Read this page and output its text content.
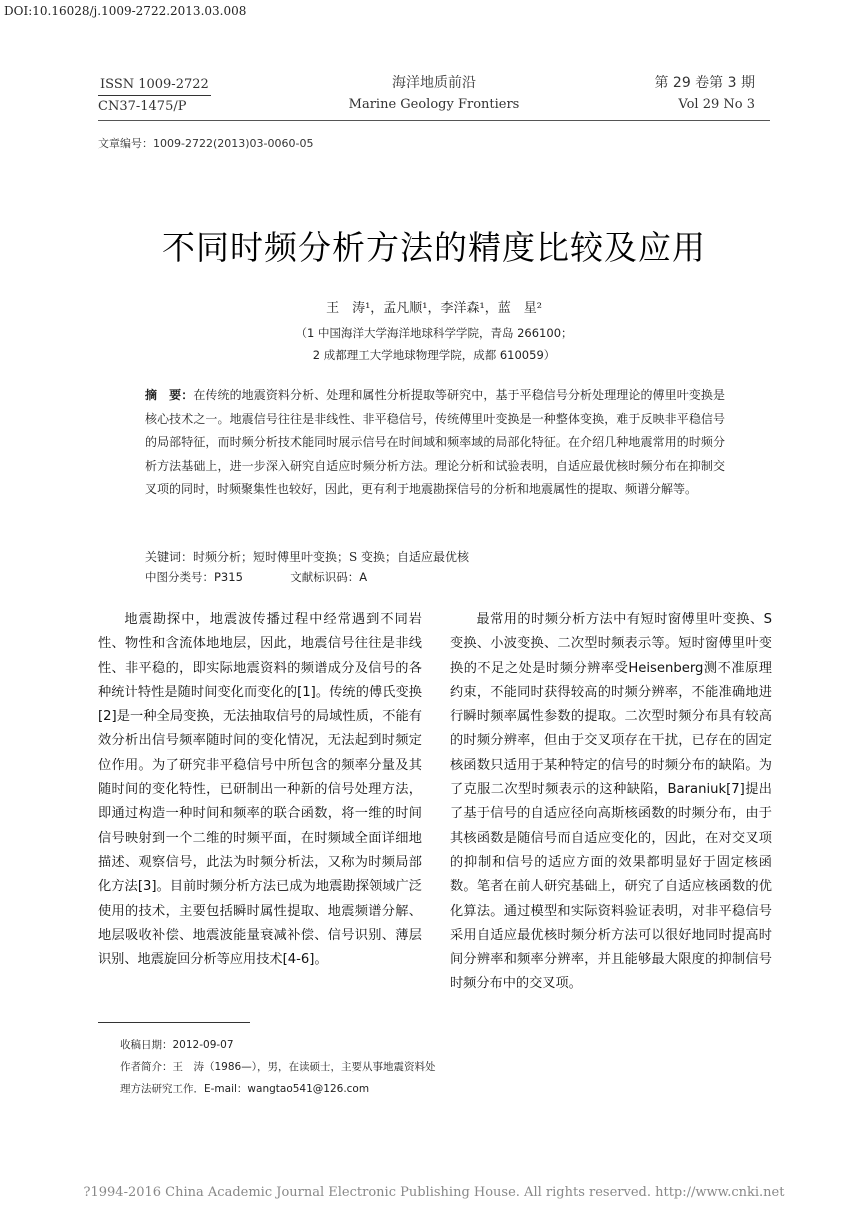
DOI:10.16028/j.1009-2722.2013.03.008
ISSN 1009-2722
CN37-1475/P
海洋地质前沿
Marine Geology Frontiers
第 29 卷第 3 期
Vol 29 No 3
文章编号：1009-2722(2013)03-0060-05
不同时频分析方法的精度比较及应用
王　涛¹，孟凡顺¹，李洋森¹，蓝　星²
（1 中国海洋大学海洋地球科学学院，青岛 266100；
2 成都理工大学地球物理学院，成都 610059）
摘　要：在传统的地震资料分析、处理和属性分析提取等研究中，基于平稳信号分析处理理论的傅里叶变换是核心技术之一。地震信号往往是非线性、非平稳信号，传统傅里叶变换是一种整体变换，难于反映非平稳信号的局部特征，而时频分析技术能同时展示信号在时间域和频率域的局部化特征。在介绍几种地震常用的时频分析方法基础上，进一步深入研究自适应时频分析方法。理论分析和试验表明，自适应最优核时频分布在抑制交叉项的同时，时频聚集性也较好，因此，更有利于地震勘探信号的分析和地震属性的提取、频谱分解等。
关键词：时频分析；短时傅里叶变换；S 变换；自适应最优核
中图分类号：P315	文献标识码：A

地震勘探中，地震波传播过程中经常遇到不同岩性、物性和含流体地地层，因此，地震信号往往是非线性、非平稳的，即实际地震资料的频谱成分及信号的各种统计特性是随时间变化而变化的[1]。传统的傅氏变换[2]是一种全局变换，无法抽取信号的局域性质，不能有效分析出信号频率随时间的变化情况，无法起到时频定位作用。为了研究非平稳信号中所包含的频率分量及其随时间的变化特性，已研制出一种新的信号处理方法，即通过构造一种时间和频率的联合函数，将一维的时间信号映射到一个二维的时频平面，在时频域全面详细地描述、观察信号，此法为时频分析法，又称为时频局部化方法[3]。目前时频分析方法已成为地震勘探领域广泛使用的技术，主要包括瞬时属性提取、地震频谱分解、地层吸收补偿、地震波能量衰减补偿、信号识别、薄层识别、地震旋回分析等应用技术[4-6]。

最常用的时频分析方法中有短时窗傅里叶变换、S变换、小波变换、二次型时频表示等。短时窗傅里叶变换的不足之处是时频分辨率受Heisenberg测不准原理约束，不能同时获得较高的时频分辨率，不能准确地进行瞬时频率属性参数的提取。二次型时频分布具有较高的时频分辨率，但由于交叉项存在干扰，已存在的固定核函数只适用于某种特定的信号的时频分布的缺陷。为了克服二次型时频表示的这种缺陷，Baraniuk[7]提出了基于信号的自适应径向高斯核函数的时频分布，由于其核函数是随信号而自适应变化的，因此，在对交叉项的抑制和信号的适应方面的效果都明显好于固定核函数。笔者在前人研究基础上，研究了自适应核函数的优化算法。通过模型和实际资料验证表明，对非平稳信号采用自适应最优核时频分析方法可以很好地同时提高时间分辨率和频率分辨率，并且能够最大限度的抑制信号时频分布中的交叉项。

收稿日期：2012-09-07

作者简介：王　涛（1986—），男，在读硕士，主要从事地震资料处理方法研究工作．E-mail：wangtao541@126.com

?1994-2016 China Academic Journal Electronic Publishing House. All rights reserved. http://www.cnki.net
